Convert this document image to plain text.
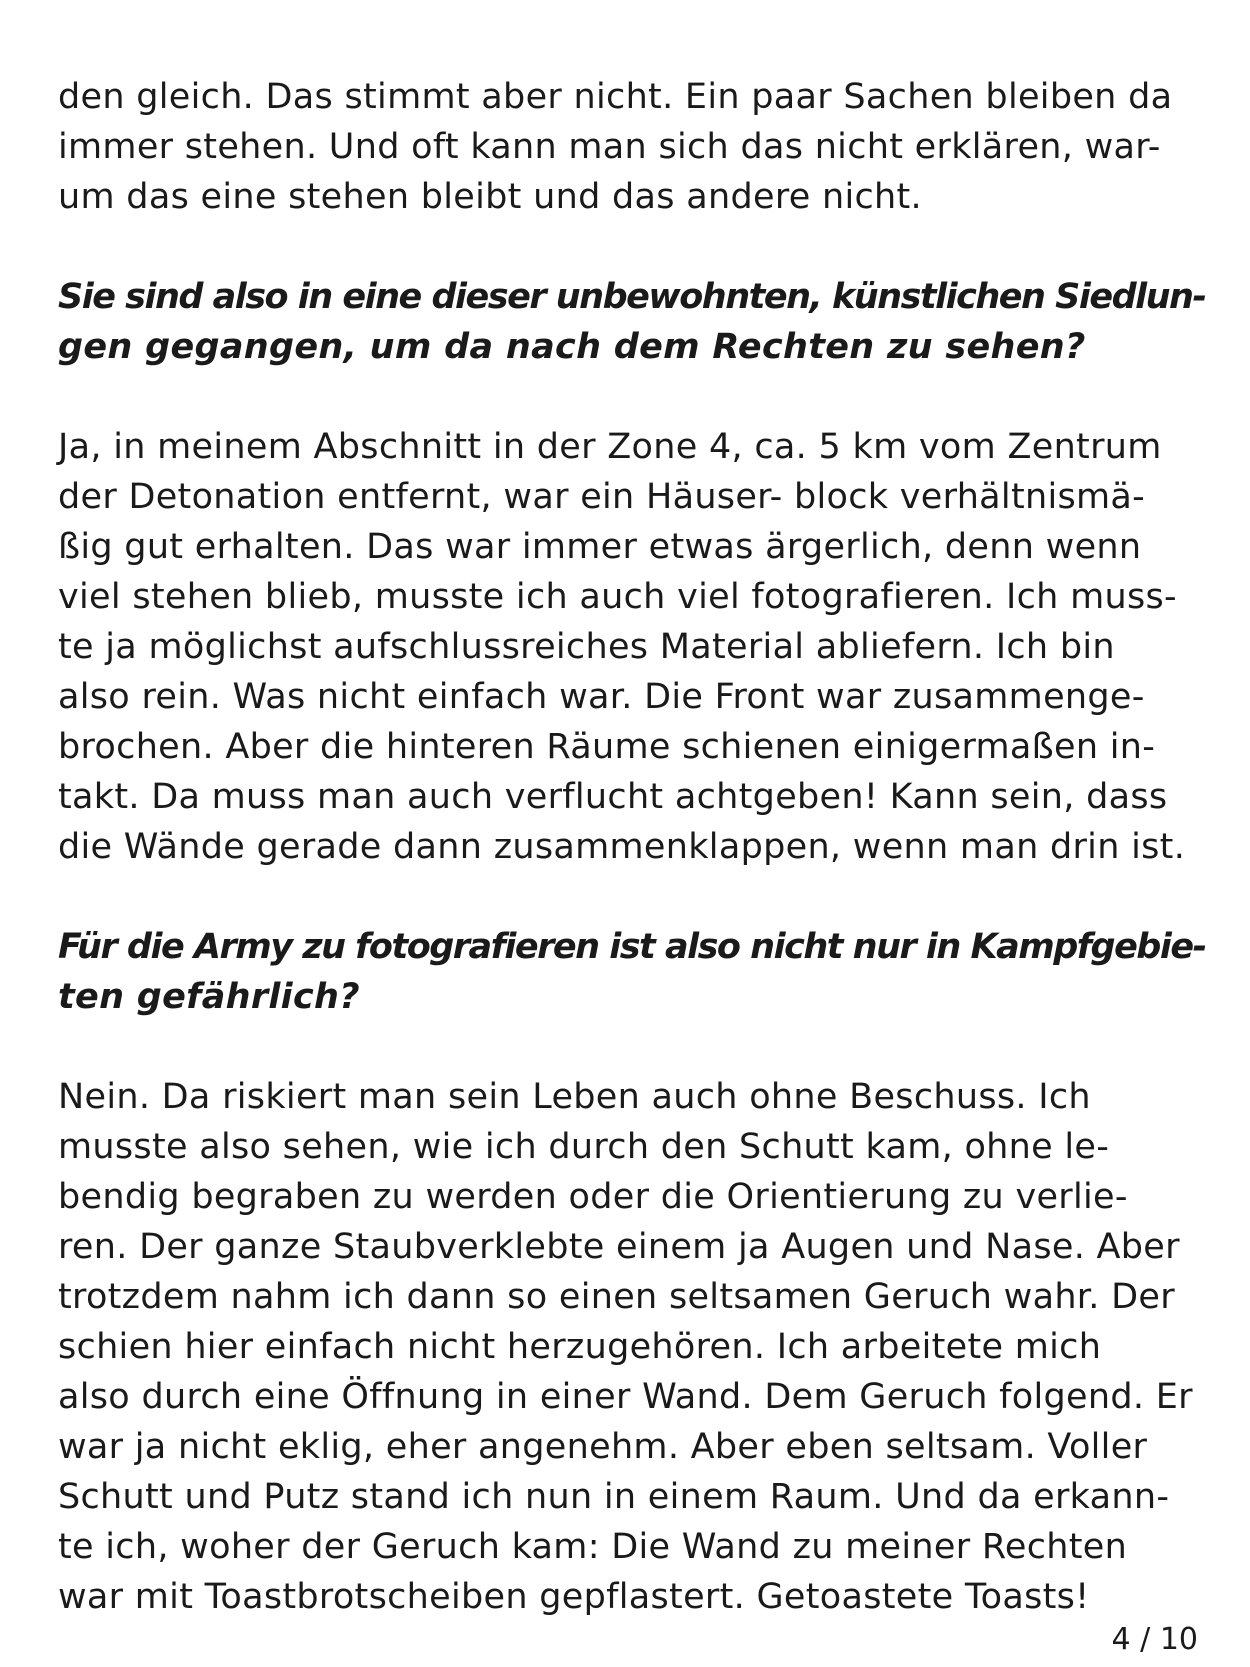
den gleich. Das stimmt aber nicht. Ein paar Sachen bleiben da
immer stehen. Und oft kann man sich das nicht erklären, war-
um das eine stehen bleibt und das andere nicht.

Sie sind also in eine dieser unbewohnten, künstlichen Siedlun-
gen gegangen, um da nach dem Rechten zu sehen?

Ja, in meinem Abschnitt in der Zone 4, ca. 5 km vom Zentrum
der Detonation entfernt, war ein Häuser- block verhältnismä-
ßig gut erhalten. Das war immer etwas ärgerlich, denn wenn
viel stehen blieb, musste ich auch viel fotografieren. Ich muss-
te ja möglichst aufschlussreiches Material abliefern. Ich bin
also rein. Was nicht einfach war. Die Front war zusammenge-
brochen. Aber die hinteren Räume schienen einigermaßen in-
takt. Da muss man auch verflucht achtgeben! Kann sein, dass
die Wände gerade dann zusammenklappen, wenn man drin ist.

Für die Army zu fotografieren ist also nicht nur in Kampfgebie-
ten gefährlich?

Nein. Da riskiert man sein Leben auch ohne Beschuss. Ich
musste also sehen, wie ich durch den Schutt kam, ohne le-
bendig begraben zu werden oder die Orientierung zu verlie-
ren. Der ganze Staubverklebte einem ja Augen und Nase. Aber
trotzdem nahm ich dann so einen seltsamen Geruch wahr. Der
schien hier einfach nicht herzugehören. Ich arbeitete mich
also durch eine Öffnung in einer Wand. Dem Geruch folgend. Er
war ja nicht eklig, eher angenehm. Aber eben seltsam. Voller
Schutt und Putz stand ich nun in einem Raum. Und da erkann-
te ich, woher der Geruch kam: Die Wand zu meiner Rechten
war mit Toastbrotscheiben gepflastert. Getoastete Toasts!

4 / 10
